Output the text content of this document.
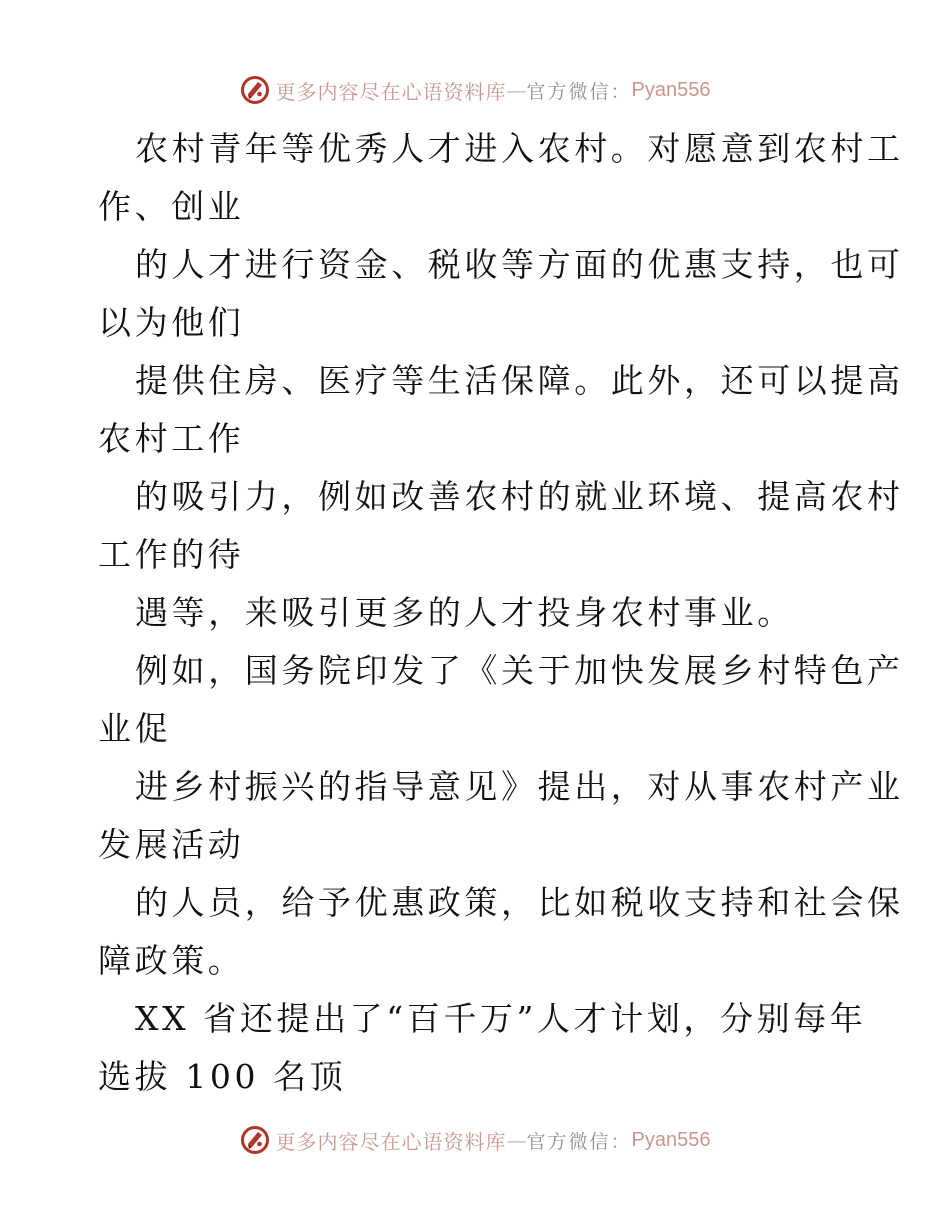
更多内容尽在心语资料库 — 官方微信： Pyan556
农村青年等优秀人才进入农村。对愿意到农村工
作、创业
的人才进行资金、税收等方面的优惠支持，也可
以为他们
提供住房、医疗等生活保障。此外，还可以提高
农村工作
的吸引力，例如改善农村的就业环境、提高农村
工作的待
遇等，来吸引更多的人才投身农村事业。
例如，国务院印发了《关于加快发展乡村特色产
业促
进乡村振兴的指导意见》提出，对从事农村产业
发展活动
的人员，给予优惠政策，比如税收支持和社会保
障政策。
XX 省还提出了“百千万”人才计划，分别每年
选拔 100 名顶
更多内容尽在心语资料库 — 官方微信： Pyan556
